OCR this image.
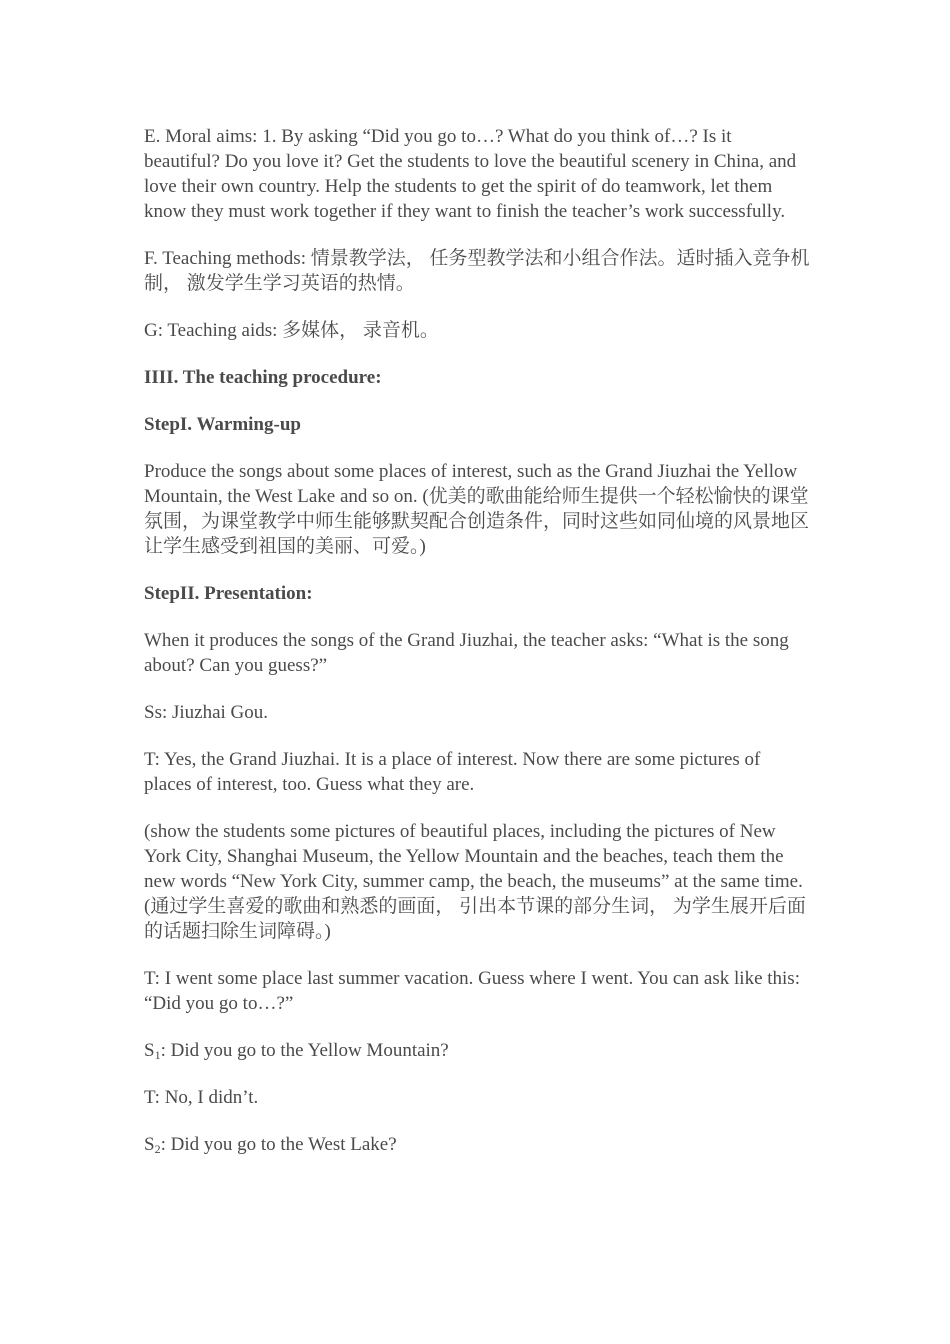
E. Moral aims: 1. By asking “Did you go to…? What do you think of…? Is it beautiful? Do you love it? Get the students to love the beautiful scenery in China, and love their own country. Help the students to get the spirit of do teamwork, let them know they must work together if they want to finish the teacher’s work successfully.

F. Teaching methods: 情景教学法， 任务型教学法和小组合作法。适时插入竞争机制， 激发学生学习英语的热情。

G: Teaching aids: 多媒体， 录音机。

IIII. The teaching procedure:

StepI. Warming-up

Produce the songs about some places of interest, such as the Grand Jiuzhai the Yellow Mountain, the West Lake and so on. (优美的歌曲能给师生提供一个轻松愉快的课堂氛围，为课堂教学中师生能够默契配合创造条件，同时这些如同仙境的风景地区让学生感受到祖国的美丽、可爱。)

StepII. Presentation:

When it produces the songs of the Grand Jiuzhai, the teacher asks: “What is the song about? Can you guess?”

Ss: Jiuzhai Gou.

T: Yes, the Grand Jiuzhai. It is a place of interest. Now there are some pictures of places of interest, too. Guess what they are.

(show the students some pictures of beautiful places, including the pictures of New York City, Shanghai Museum, the Yellow Mountain and the beaches, teach them the new words “New York City, summer camp, the beach, the museums” at the same time.(通过学生喜爱的歌曲和熟悉的画面， 引出本节课的部分生词， 为学生展开后面的话题扫除生词障碍。)

T: I went some place last summer vacation. Guess where I went. You can ask like this: “Did you go to…?”

$S_1$: Did you go to the Yellow Mountain?

T: No, I didn’t.

$S_2$: Did you go to the West Lake?
